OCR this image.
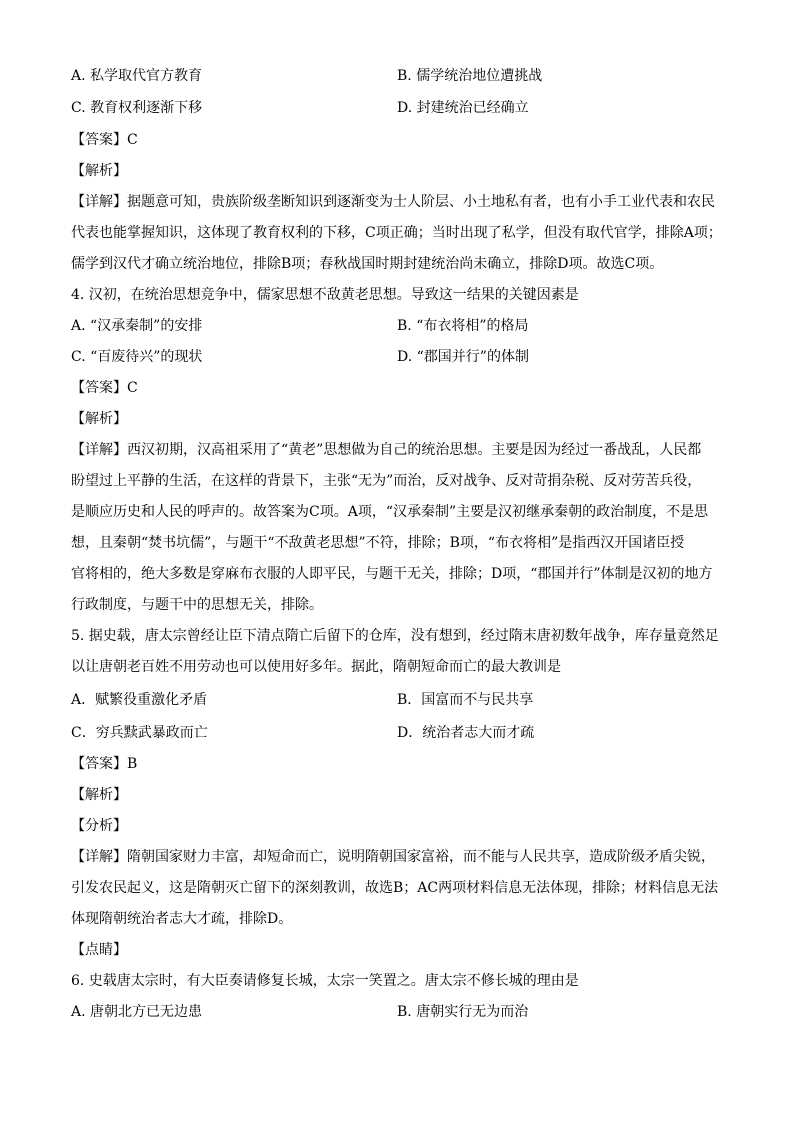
A. 私学取代官方教育	B. 儒学统治地位遭挑战
C. 教育权利逐渐下移	D. 封建统治已经确立
【答案】C
【解析】
【详解】据题意可知，贵族阶级垄断知识到逐渐变为士人阶层、小土地私有者，也有小手工业代表和农民
代表也能掌握知识，这体现了教育权利的下移，C项正确；当时出现了私学，但没有取代官学，排除A项；
儒学到汉代才确立统治地位，排除B项；春秋战国时期封建统治尚未确立，排除D项。故选C项。
4. 汉初，在统治思想竞争中，儒家思想不敌黄老思想。导致这一结果的关键因素是
A. “汉承秦制”的安排	B. “布衣将相”的格局
C. “百废待兴”的现状	D. “郡国并行”的体制
【答案】C
【解析】
【详解】西汉初期，汉高祖采用了“黄老”思想做为自己的统治思想。主要是因为经过一番战乱，人民都
盼望过上平静的生活，在这样的背景下，主张“无为”而治，反对战争、反对苛捐杂税、反对劳苦兵役，
是顺应历史和人民的呼声的。故答案为C项。A项，“汉承秦制”主要是汉初继承秦朝的政治制度，不是思
想，且秦朝“焚书坑儒”，与题干“不敌黄老思想”不符，排除；B项，“布衣将相”是指西汉开国诸臣授
官将相的，绝大多数是穿麻布衣服的人即平民，与题干无关，排除；D项，“郡国并行”体制是汉初的地方
行政制度，与题干中的思想无关，排除。
5. 据史载，唐太宗曾经让臣下清点隋亡后留下的仓库，没有想到，经过隋末唐初数年战争，库存量竟然足
以让唐朝老百姓不用劳动也可以使用好多年。据此，隋朝短命而亡的最大教训是
A．赋繁役重激化矛盾	B．国富而不与民共享
C．穷兵黩武暴政而亡	D．统治者志大而才疏
【答案】B
【解析】
【分析】
【详解】隋朝国家财力丰富，却短命而亡，说明隋朝国家富裕，而不能与人民共享，造成阶级矛盾尖锐，
引发农民起义，这是隋朝灭亡留下的深刻教训，故选B；AC两项材料信息无法体现，排除；材料信息无法
体现隋朝统治者志大才疏，排除D。
【点睛】
6. 史载唐太宗时，有大臣奏请修复长城，太宗一笑置之。唐太宗不修长城的理由是
A. 唐朝北方已无边患	B. 唐朝实行无为而治
